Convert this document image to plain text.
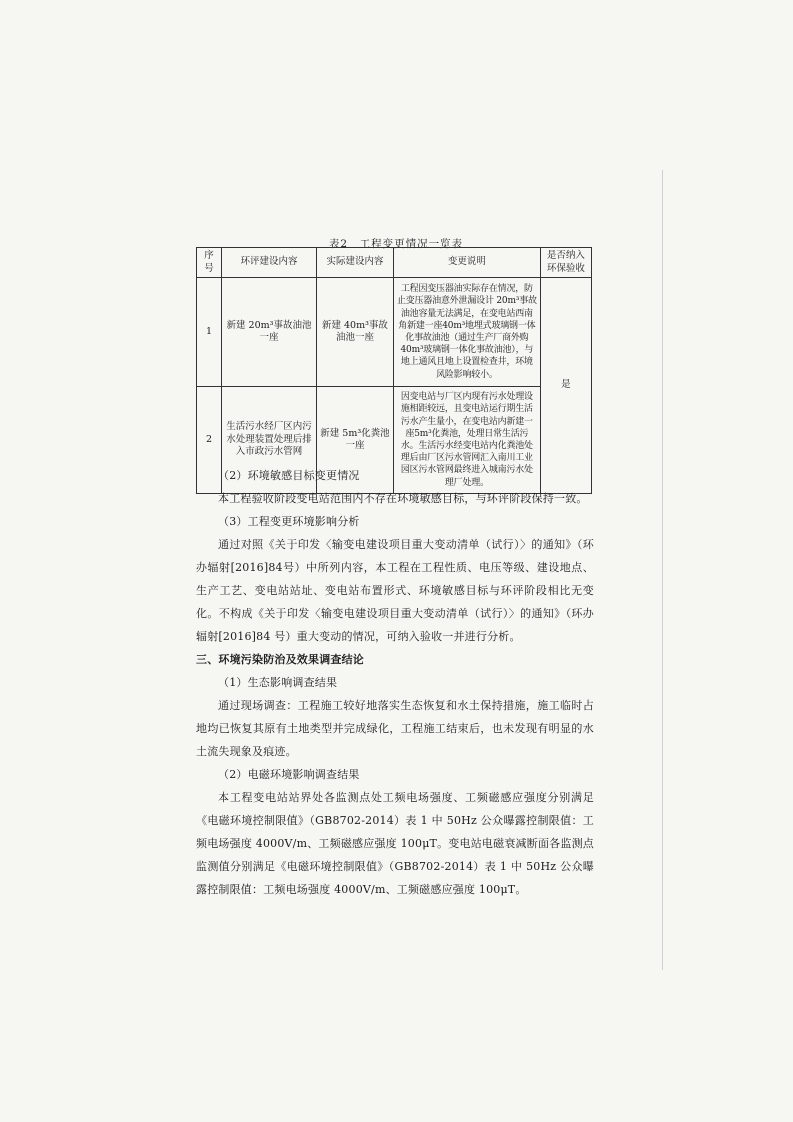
表2　工程变更情况一览表
序号	环评建设内容	实际建设内容	变更说明	是否纳入环保验收
1	新建 20m³事故油池一座	新建 40m³事故油池一座	工程因变压器油实际存在情况，防止变压器油意外泄漏设计 20m³事故油池容量无法满足，在变电站西南角新建一座40m³地埋式玻璃钢一体化事故油池（通过生产厂商外购 40m³玻璃钢一体化事故油池），与地上通风且地上设置检查井，环境风险影响较小。	是
2	生活污水经厂区内污水处理装置处理后排入市政污水管网	新建 5m³化粪池一座	因变电站与厂区内现有污水处理设施相距较远，且变电站运行期生活污水产生量小，在变电站内新建一座5m³化粪池，处理日常生活污水。生活污水经变电站内化粪池处理后由厂区污水管网汇入南川工业园区污水管网最终进入城南污水处理厂处理。	

（2）环境敏感目标变更情况

本工程验收阶段变电站范围内不存在环境敏感目标，与环评阶段保持一致。

（3）工程变更环境影响分析

通过对照《关于印发〈输变电建设项目重大变动清单（试行）〉的通知》（环办辐射[2016]84号）中所列内容，本工程在工程性质、电压等级、建设地点、生产工艺、变电站站址、变电站布置形式、环境敏感目标与环评阶段相比无变化。不构成《关于印发〈输变电建设项目重大变动清单（试行）〉的通知》（环办辐射[2016]84 号）重大变动的情况，可纳入验收一并进行分析。

三、环境污染防治及效果调查结论

（1）生态影响调查结果

通过现场调查：工程施工较好地落实生态恢复和水土保持措施，施工临时占地均已恢复其原有土地类型并完成绿化，工程施工结束后，也未发现有明显的水土流失现象及痕迹。

（2）电磁环境影响调查结果

本工程变电站站界处各监测点处工频电场强度、工频磁感应强度分别满足《电磁环境控制限值》（GB8702-2014）表 1 中 50Hz 公众曝露控制限值：工频电场强度 4000V/m、工频磁感应强度 100μT。变电站电磁衰减断面各监测点监测值分别满足《电磁环境控制限值》（GB8702-2014）表 1 中 50Hz 公众曝露控制限值：工频电场强度 4000V/m、工频磁感应强度 100μT。
